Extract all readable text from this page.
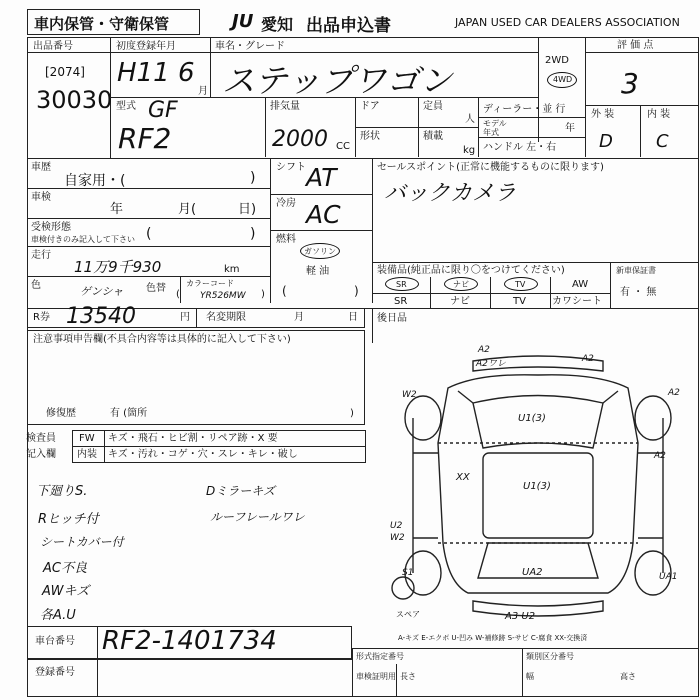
車内保管・守衛保管	JU 愛知 出品申込書	JAPAN USED CAR DEALERS ASSOCIATION
出品番号
[2074]
30030
初度登録年月
H11 6
月
車名・グレード
ステップワゴン
2WD
4WD
評 価 点
3
外 装	内 装
D C
型式 GF
RF2
排気量
2000 CC
ドア	定員
人
形状	積載
kg
ディーラー・並 行
モデル 年式	年
ハンドル 左・右
車歴
自家用・(	)
車検
年	月(	日)
受検形態
車検付きのみ記入して下さい (	)
走行
11万9千930	km
色	ゲンシャ 色替	カラーコード
YR526MW
(	)
シフト AT
冷房 AC
燃料
ガソリン
軽 油
(	)
セールスポイント(正常に機能するものに限ります)
バックカメラ
装備品(純正品に限り〇をつけてください)
SR	ナビ	TV	AW
SR	ナビ	TV	カワシート
新車保証書
有 ・ 無
R券 13540	円 名変期限	月	日 後日品
注意事項申告欄(不具合内容等は具体的に記入して下さい)
修復歴	有 (箇所	)
検査員
記入欄
FW キズ・飛石・ヒビ割・リペア跡・X 要
内装 キズ・汚れ・コゲ・穴・スレ・キレ・破し
下廻りS.
Rヒッチ付
シートカバー付
AC不良
AWキズ
各A.U
Dミラーキズ
ルーフレールワレ
A2
A2ワレ	A2
W2	A2
U1(3)
A2
XX
U1(3)
U2
W2
S1	UA2	UA1
A3 U2
スペア
A-キズ E-エクボ U-凹み W-補修跡 S-サビ C-腐食 XX-交換済
車台番号 RF2-1401734
登録番号
形式指定番号	類別区分番号
車検証明用 長さ	幅	高さ
